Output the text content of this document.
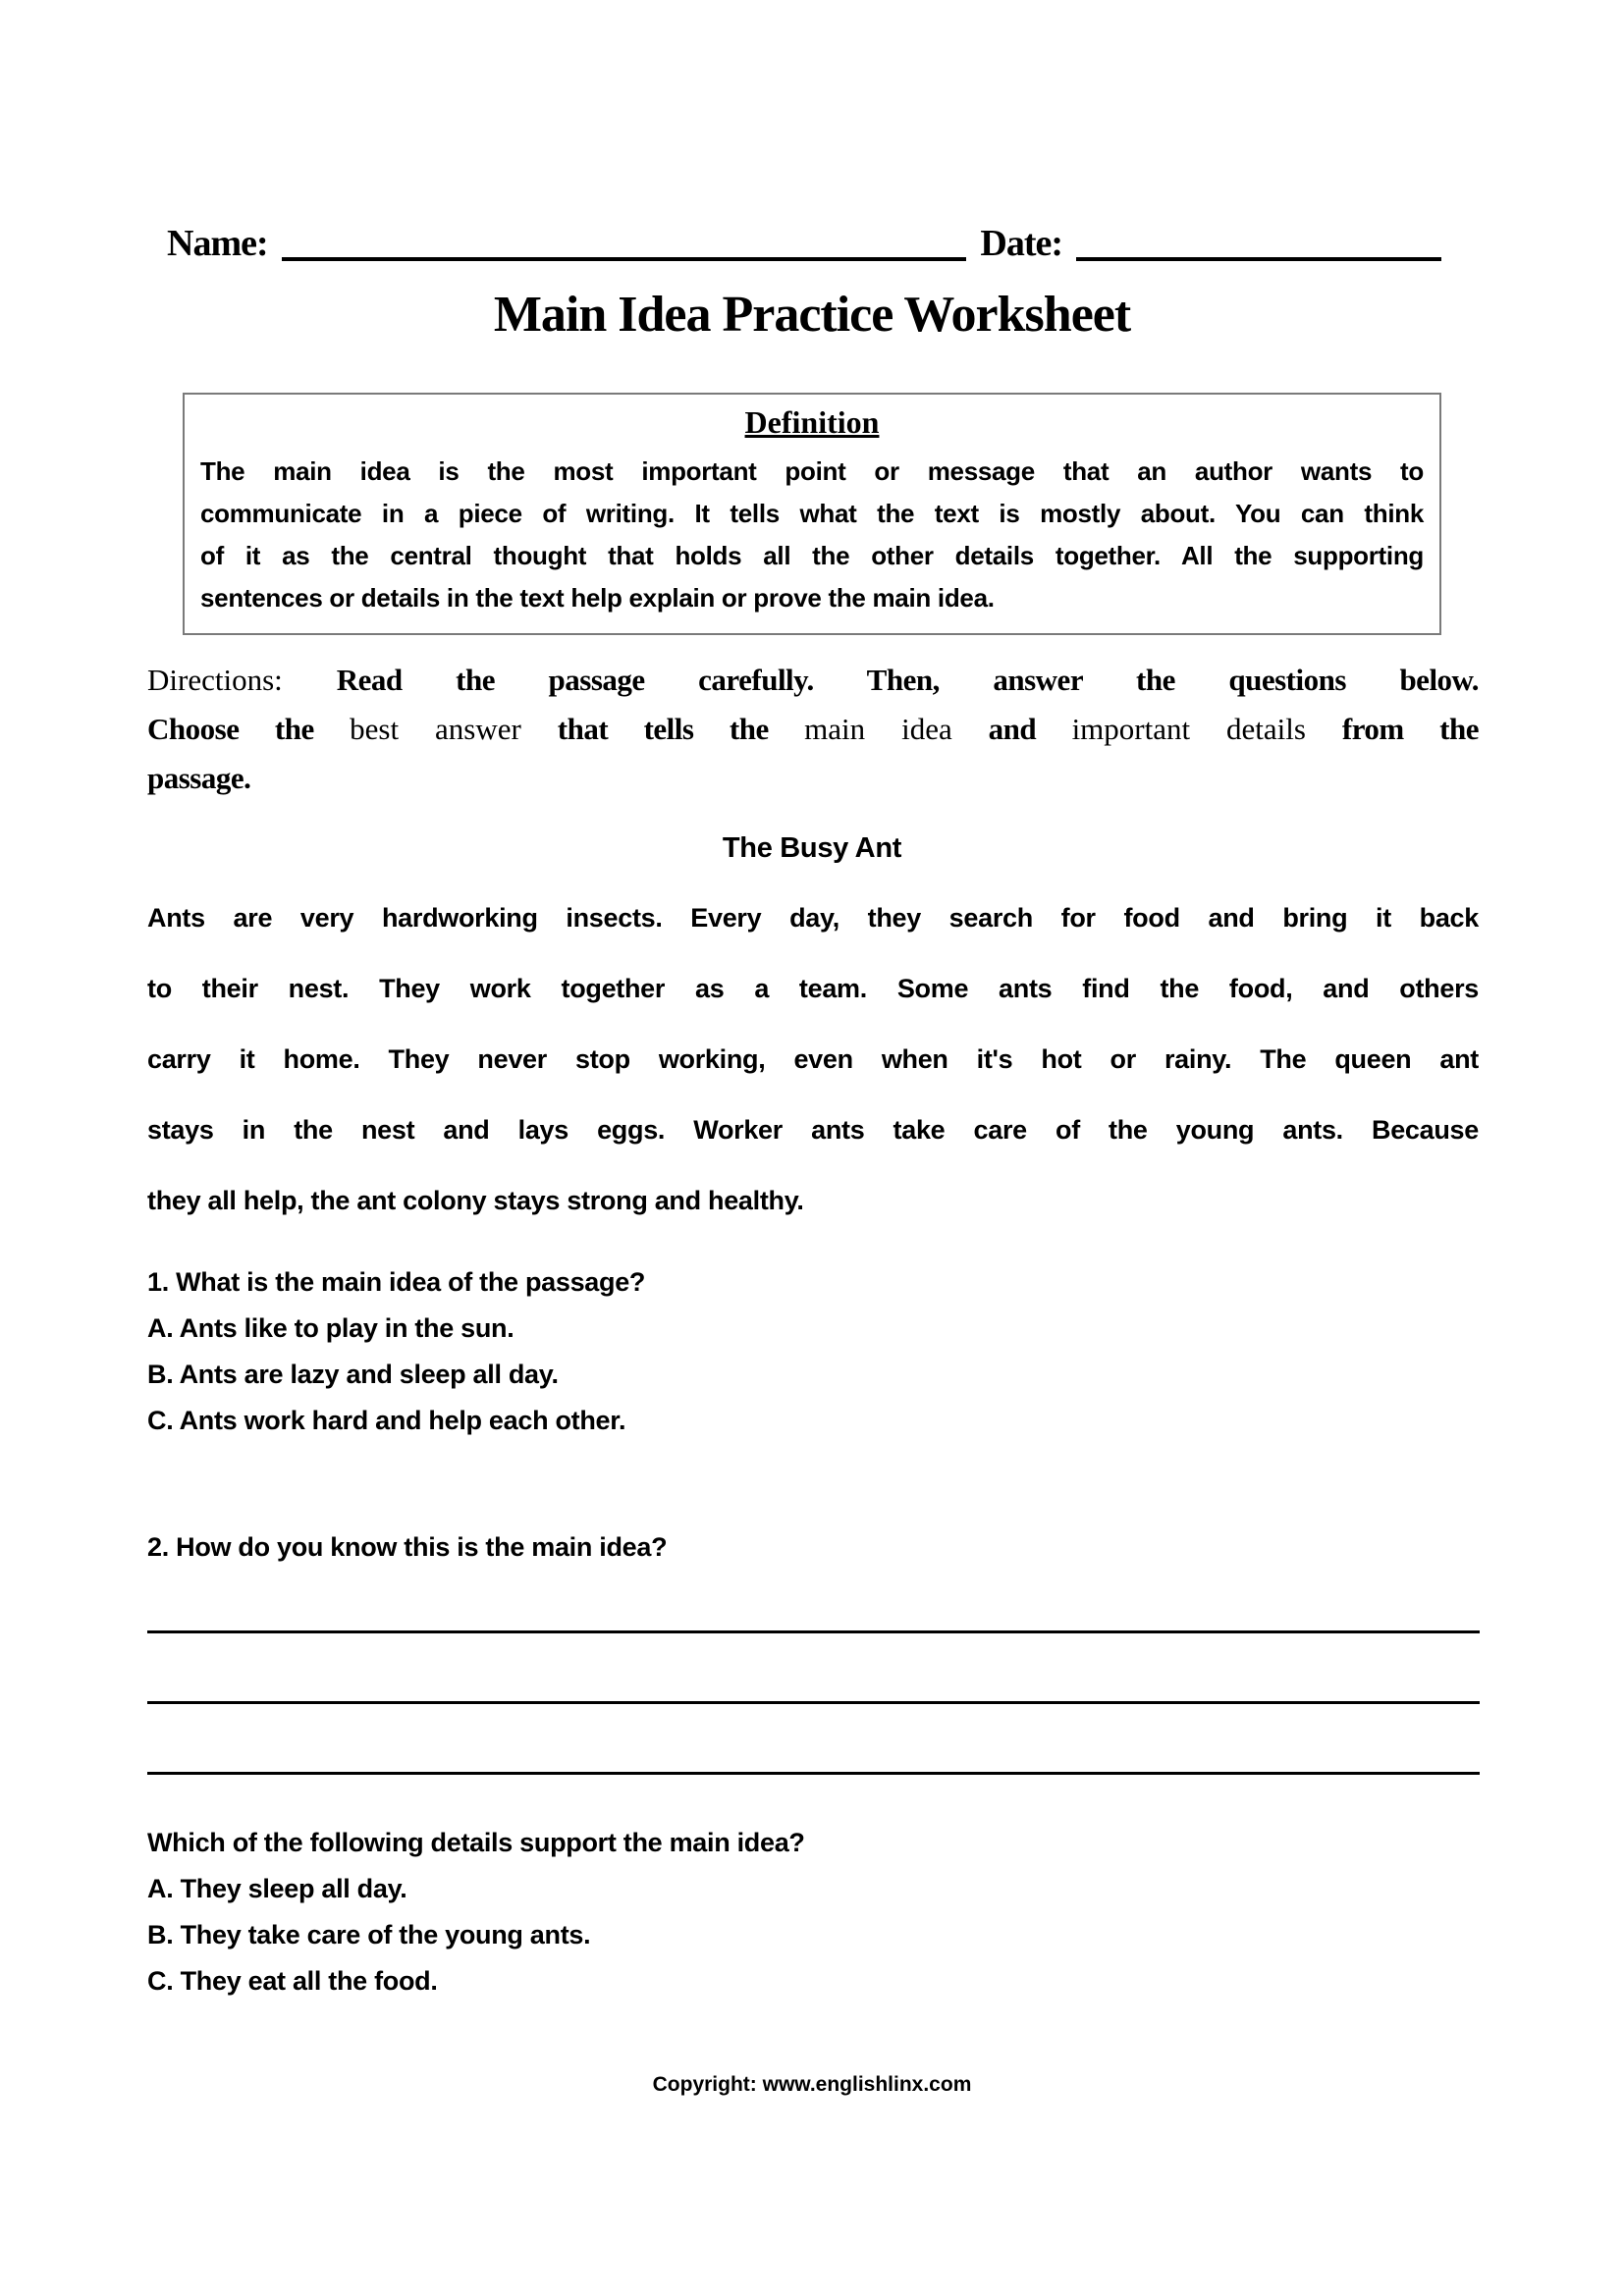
Name:	Date:
Main Idea Practice Worksheet
Definition
The main idea is the most important point or message that an author wants to
communicate in a piece of writing. It tells what the text is mostly about. You can think
of it as the central thought that holds all the other details together. All the supporting
sentences or details in the text help explain or prove the main idea.
Directions: Read the passage carefully. Then, answer the questions below.
Choose the best answer that tells the main idea and important details from the
passage.
The Busy Ant
Ants are very hardworking insects. Every day, they search for food and bring it back
to their nest. They work together as a team. Some ants find the food, and others
carry it home. They never stop working, even when it's hot or rainy. The queen ant
stays in the nest and lays eggs. Worker ants take care of the young ants. Because
they all help, the ant colony stays strong and healthy.
1. What is the main idea of the passage?
A. Ants like to play in the sun.
B. Ants are lazy and sleep all day.
C. Ants work hard and help each other.
2. How do you know this is the main idea?
Which of the following details support the main idea?
A. They sleep all day.
B. They take care of the young ants.
C. They eat all the food.
Copyright: www.englishlinx.com
